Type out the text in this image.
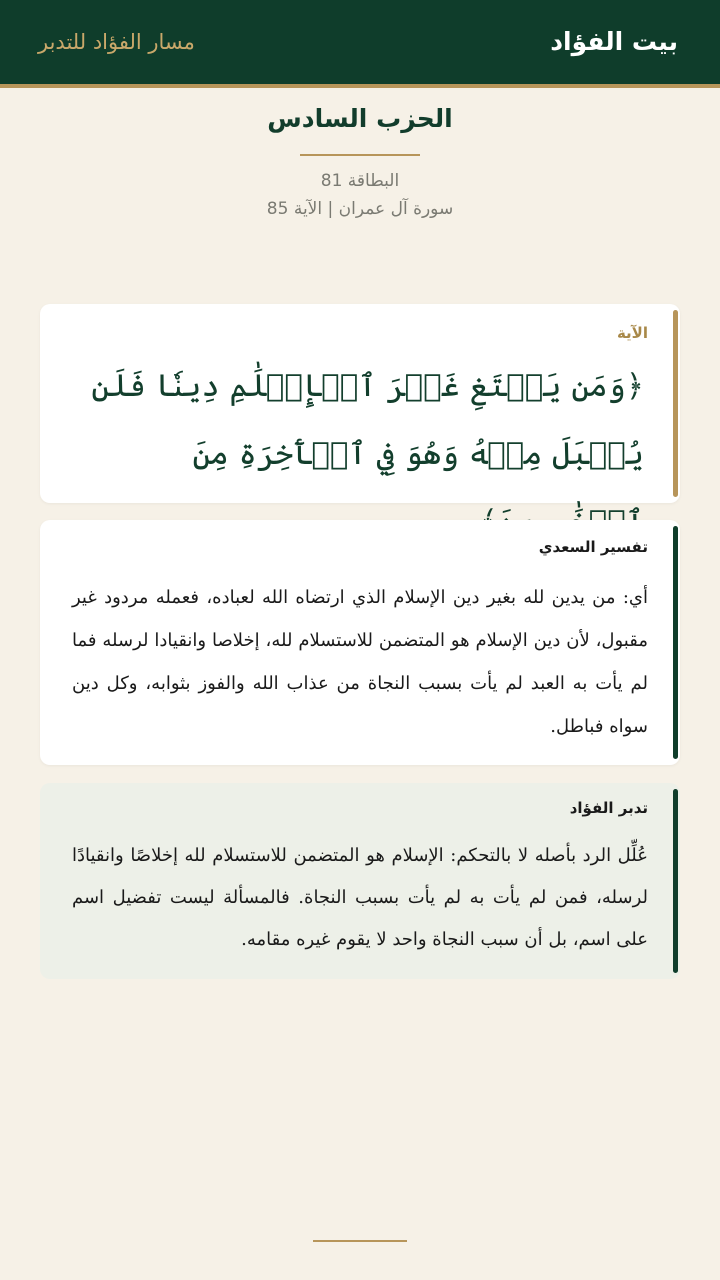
بيت الفؤاد
مسار الفؤاد للتدبر
الحزب السادس
البطاقة 81
سورة آل عمران | الآية 85
الآية
﴿وَمَن يَبۡتَغِ غَيۡرَ ٱلۡإِسۡلَٰمِ دِينٗا فَلَن يُقۡبَلَ مِنۡهُ وَهُوَ فِي ٱلۡأٓخِرَةِ مِنَ
تفسير السعدي
أي: من يدين لله بغير دين الإسلام الذي ارتضاه الله لعباده، فعمله مردود غير مقبول، لأن دين الإسلام هو المتضمن للاستسلام لله، إخلاصا وانقيادا لرسله فما لم يأت به العبد لم يأت بسبب النجاة من عذاب الله والفوز بثوابه، وكل دين سواه فباطل.
تدبر الفؤاد
عُلِّل الرد بأصله لا بالتحكم: الإسلام هو المتضمن للاستسلام لله إخلاصًا وانقيادًا لرسله، فمن لم يأت به لم يأت بسبب النجاة. فالمسألة ليست تفضيل اسم على اسم، بل أن سبب النجاة واحد لا يقوم غيره مقامه.
